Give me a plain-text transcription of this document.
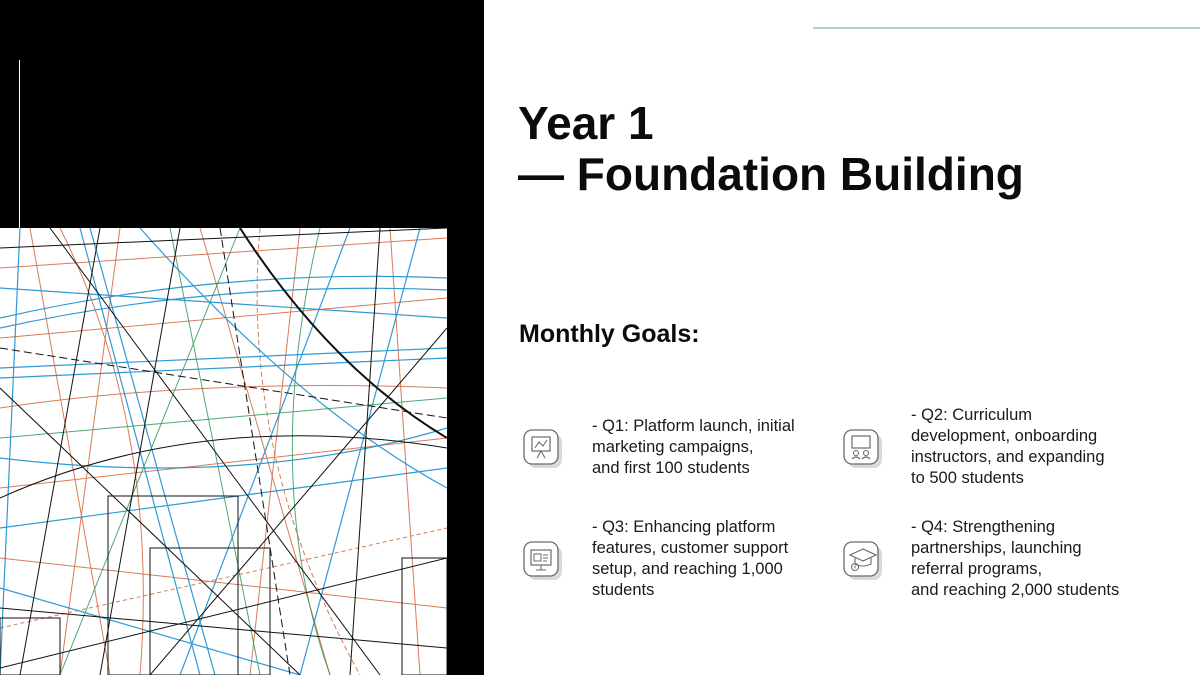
Year 1
— Foundation Building
Monthly Goals:
- Q1: Platform launch, initial
marketing campaigns,
and first 100 students
- Q2: Curriculum
development, onboarding
instructors, and expanding
to 500 students
- Q3: Enhancing platform
features, customer support
setup, and reaching 1,000
students
- Q4: Strengthening
partnerships, launching
referral programs,
and reaching 2,000 students
